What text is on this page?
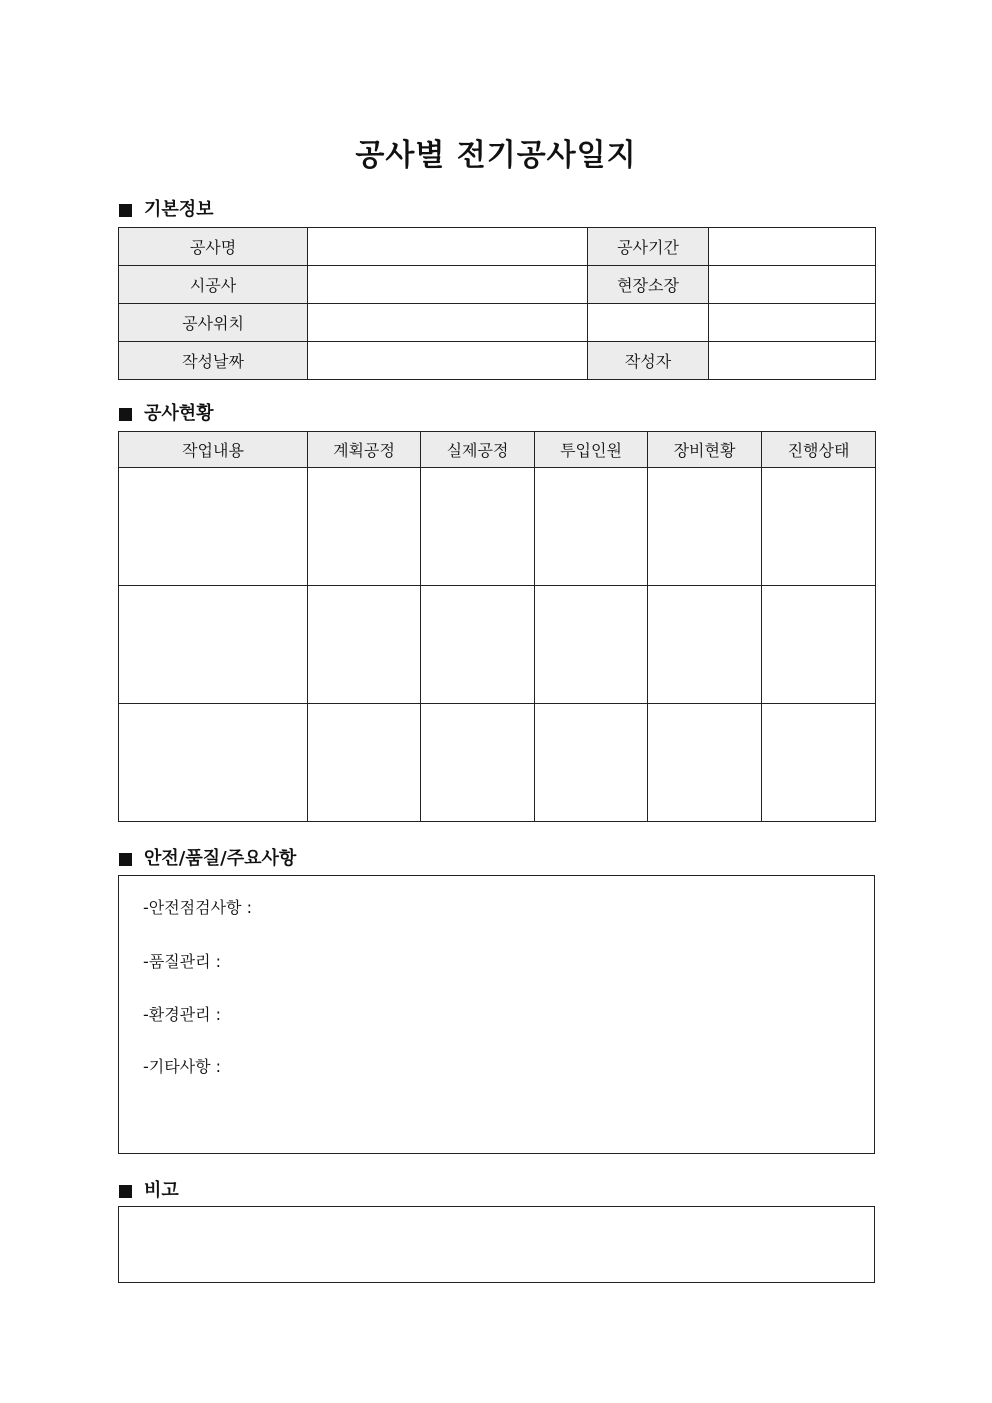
공사별 전기공사일지
기본정보
공사명		공사기간	
시공사		현장소장	
공사위치			
작성날짜		작성자	
공사현황
작업내용	계획공정	실제공정	투입인원	장비현황	진행상태

안전/품질/주요사항
-안전점검사항 :
-품질관리 :
-환경관리 :
-기타사항 :
비고
